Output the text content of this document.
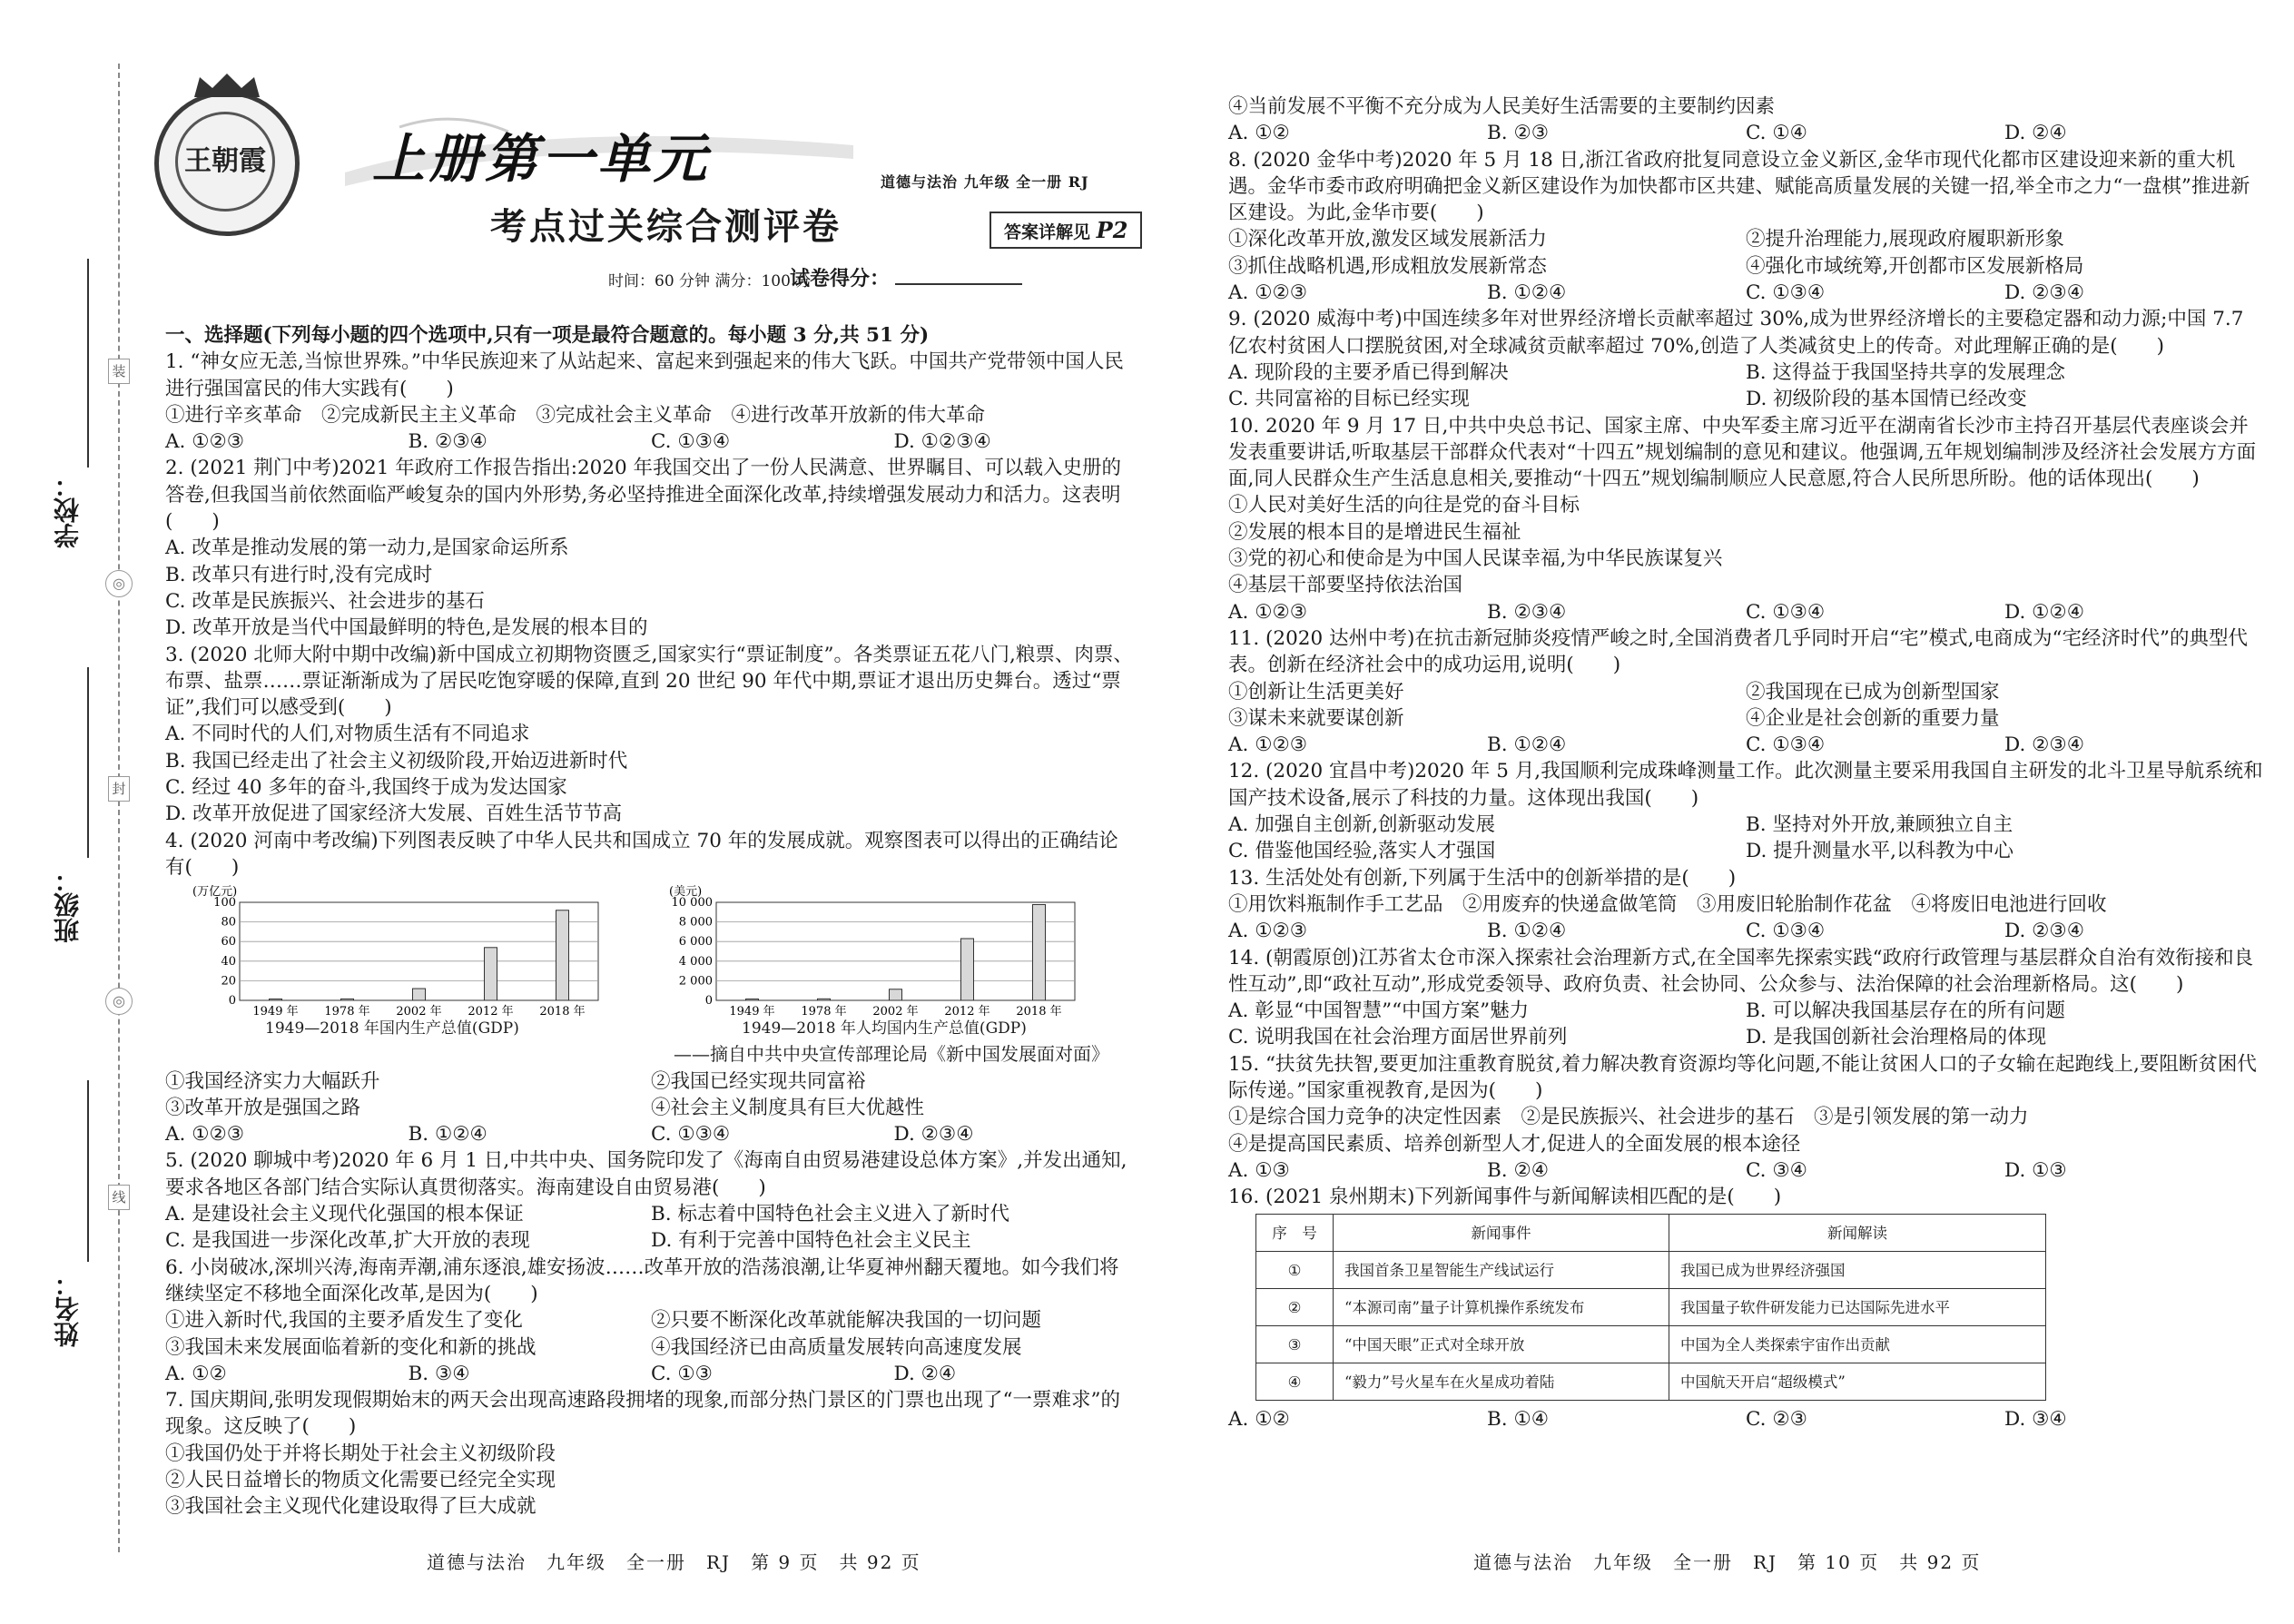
装
◎
封
◎
线
学校：
班级：
姓名：
王朝霞 上册第一单元
考点过关综合测评卷
道德与法治 九年级 全一册 RJ
答案详解见 P2
时间：60 分钟 满分：100 分
试卷得分：
一、选择题(下列每小题的四个选项中,只有一项是最符合题意的。每小题 3 分,共 51 分)

1. “神女应无恙,当惊世界殊。”中华民族迎来了从站起来、富起来到强起来的伟大飞跃。中国共产党带领中国人民进行强国富民的伟大实践有(　　)

①进行辛亥革命　②完成新民主主义革命　③完成社会主义革命　④进行改革开放新的伟大革命

A. ①②③	B. ②③④	C. ①③④	D. ①②③④

2. (2021 荆门中考)2021 年政府工作报告指出:2020 年我国交出了一份人民满意、世界瞩目、可以载入史册的答卷,但我国当前依然面临严峻复杂的国内外形势,务必坚持推进全面深化改革,持续增强发展动力和活力。这表明(　　)

A. 改革是推动发展的第一动力,是国家命运所系

B. 改革只有进行时,没有完成时

C. 改革是民族振兴、社会进步的基石

D. 改革开放是当代中国最鲜明的特色,是发展的根本目的

3. (2020 北师大附中期中改编)新中国成立初期物资匮乏,国家实行“票证制度”。各类票证五花八门,粮票、肉票、布票、盐票……票证渐渐成为了居民吃饱穿暖的保障,直到 20 世纪 90 年代中期,票证才退出历史舞台。透过“票证”,我们可以感受到(　　)

A. 不同时代的人们,对物质生活有不同追求

B. 我国已经走出了社会主义初级阶段,开始迈进新时代

C. 经过 40 多年的奋斗,我国终于成为发达国家

D. 改革开放促进了国家经济大发展、百姓生活节节高

4. (2020 河南中考改编)下列图表反映了中华人民共和国成立 70 年的发展成就。观察图表可以得出的正确结论有(　　)

(万亿元)
0
20
40
60
80
100
1949 年 1978 年 2002 年 2012 年 2018 年
1949—2018 年国内生产总值(GDP)
(美元)
0
2 000
4 000
6 000
8 000
10 000
1949 年 1978 年 2002 年 2012 年 2018 年
1949—2018 年人均国内生产总值(GDP)
——摘自中共中央宣传部理论局《新中国发展面对面》
①我国经济实力大幅跃升	②我国已经实现共同富裕
③改革开放是强国之路	④社会主义制度具有巨大优越性
A. ①②③	B. ①②④	C. ①③④	D. ②③④

5. (2020 聊城中考)2020 年 6 月 1 日,中共中央、国务院印发了《海南自由贸易港建设总体方案》,并发出通知,要求各地区各部门结合实际认真贯彻落实。海南建设自由贸易港(　　)

A. 是建设社会主义现代化强国的根本保证	B. 标志着中国特色社会主义进入了新时代
C. 是我国进一步深化改革,扩大开放的表现	D. 有利于完善中国特色社会主义民主

6. 小岗破冰,深圳兴涛,海南弄潮,浦东逐浪,雄安扬波……改革开放的浩荡浪潮,让华夏神州翻天覆地。如今我们将继续坚定不移地全面深化改革,是因为(　　)

①进入新时代,我国的主要矛盾发生了变化	②只要不断深化改革就能解决我国的一切问题
③我国未来发展面临着新的变化和新的挑战	④我国经济已由高质量发展转向高速度发展
A. ①②	B. ③④	C. ①③	D. ②④

7. 国庆期间,张明发现假期始末的两天会出现高速路段拥堵的现象,而部分热门景区的门票也出现了“一票难求”的现象。这反映了(　　)

①我国仍处于并将长期处于社会主义初级阶段

②人民日益增长的物质文化需要已经完全实现

③我国社会主义现代化建设取得了巨大成就

道德与法治　九年级　全一册　RJ　第 9 页　共 92 页

④当前发展不平衡不充分成为人民美好生活需要的主要制约因素

A. ①②	B. ②③	C. ①④	D. ②④

8. (2020 金华中考)2020 年 5 月 18 日,浙江省政府批复同意设立金义新区,金华市现代化都市区建设迎来新的重大机遇。金华市委市政府明确把金义新区建设作为加快都市区共建、赋能高质量发展的关键一招,举全市之力“一盘棋”推进新区建设。为此,金华市要(　　)

①深化改革开放,激发区域发展新活力	②提升治理能力,展现政府履职新形象
③抓住战略机遇,形成粗放发展新常态	④强化市域统筹,开创都市区发展新格局
A. ①②③	B. ①②④	C. ①③④	D. ②③④

9. (2020 威海中考)中国连续多年对世界经济增长贡献率超过 30%,成为世界经济增长的主要稳定器和动力源;中国 7.7 亿农村贫困人口摆脱贫困,对全球减贫贡献率超过 70%,创造了人类减贫史上的传奇。对此理解正确的是(　　)

A. 现阶段的主要矛盾已得到解决	B. 这得益于我国坚持共享的发展理念
C. 共同富裕的目标已经实现	D. 初级阶段的基本国情已经改变

10. 2020 年 9 月 17 日,中共中央总书记、国家主席、中央军委主席习近平在湖南省长沙市主持召开基层代表座谈会并发表重要讲话,听取基层干部群众代表对“十四五”规划编制的意见和建议。他强调,五年规划编制涉及经济社会发展方方面面,同人民群众生产生活息息相关,要推动“十四五”规划编制顺应人民意愿,符合人民所思所盼。他的话体现出(　　)

①人民对美好生活的向往是党的奋斗目标

②发展的根本目的是增进民生福祉

③党的初心和使命是为中国人民谋幸福,为中华民族谋复兴

④基层干部要坚持依法治国

A. ①②③	B. ②③④	C. ①③④	D. ①②④

11. (2020 达州中考)在抗击新冠肺炎疫情严峻之时,全国消费者几乎同时开启“宅”模式,电商成为“宅经济时代”的典型代表。创新在经济社会中的成功运用,说明(　　)

①创新让生活更美好	②我国现在已成为创新型国家
③谋未来就要谋创新	④企业是社会创新的重要力量
A. ①②③	B. ①②④	C. ①③④	D. ②③④

12. (2020 宜昌中考)2020 年 5 月,我国顺利完成珠峰测量工作。此次测量主要采用我国自主研发的北斗卫星导航系统和国产技术设备,展示了科技的力量。这体现出我国(　　)

A. 加强自主创新,创新驱动发展	B. 坚持对外开放,兼顾独立自主
C. 借鉴他国经验,落实人才强国	D. 提升测量水平,以科教为中心

13. 生活处处有创新,下列属于生活中的创新举措的是(　　)

①用饮料瓶制作手工艺品　②用废弃的快递盒做笔筒　③用废旧轮胎制作花盆　④将废旧电池进行回收

A. ①②③	B. ①②④	C. ①③④	D. ②③④

14. (朝霞原创)江苏省太仓市深入探索社会治理新方式,在全国率先探索实践“政府行政管理与基层群众自治有效衔接和良性互动”,即“政社互动”,形成党委领导、政府负责、社会协同、公众参与、法治保障的社会治理新格局。这(　　)

A. 彰显“中国智慧”“中国方案”魅力	B. 可以解决我国基层存在的所有问题
C. 说明我国在社会治理方面居世界前列	D. 是我国创新社会治理格局的体现

15. “扶贫先扶智,要更加注重教育脱贫,着力解决教育资源均等化问题,不能让贫困人口的子女输在起跑线上,要阻断贫困代际传递。”国家重视教育,是因为(　　)

①是综合国力竞争的决定性因素　②是民族振兴、社会进步的基石　③是引领发展的第一动力

④是提高国民素质、培养创新型人才,促进人的全面发展的根本途径

A. ①③	B. ②④	C. ③④	D. ①③

16. (2021 泉州期末)下列新闻事件与新闻解读相匹配的是(　　)

序　号	新闻事件	新闻解读
①	我国首条卫星智能生产线试运行	我国已成为世界经济强国
②	“本源司南”量子计算机操作系统发布	我国量子软件研发能力已达国际先进水平
③	“中国天眼”正式对全球开放	中国为全人类探索宇宙作出贡献
④	“毅力”号火星车在火星成功着陆	中国航天开启“超级模式”
A. ①②	B. ①④	C. ②③	D. ③④
道德与法治　九年级　全一册　RJ　第 10 页　共 92 页
